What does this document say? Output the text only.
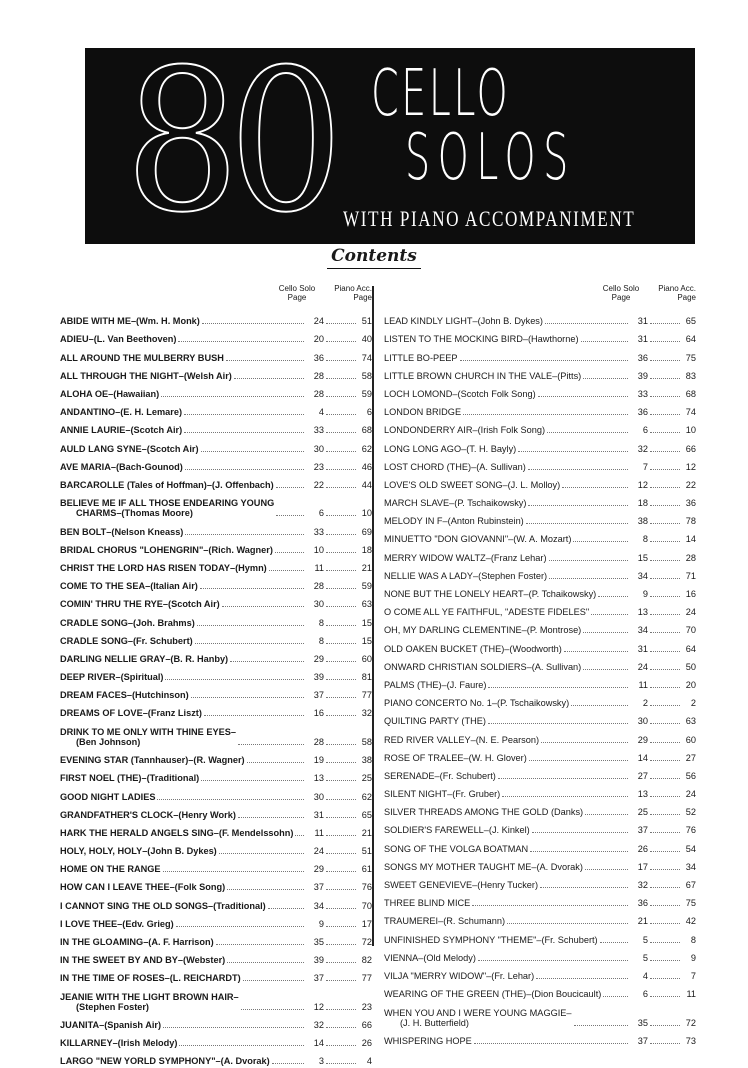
80 CELLO
SOLOS
WITH PIANO ACCOMPANIMENT
Contents
Cello Solo
Page
Piano Acc.
Page
ABIDE WITH ME–(Wm. H. Monk)	24	51
ADIEU–(L. Van Beethoven)	20	40
ALL AROUND THE MULBERRY BUSH	36	74
ALL THROUGH THE NIGHT–(Welsh Air)	28	58
ALOHA OE–(Hawaiian)	28	59
ANDANTINO–(E. H. Lemare)	4	6
ANNIE LAURIE–(Scotch Air)	33	68
AULD LANG SYNE–(Scotch Air)	30	62
AVE MARIA–(Bach-Gounod)	23	46
BARCAROLLE (Tales of Hoffman)–(J. Offenbach)	22	44
BELIEVE ME IF ALL THOSE ENDEARING YOUNG
CHARMS–(Thomas Moore)	6	10
BEN BOLT–(Nelson Kneass)	33	69
BRIDAL CHORUS "LOHENGRIN"–(Rich. Wagner)	10	18
CHRIST THE LORD HAS RISEN TODAY–(Hymn)	11	21
COME TO THE SEA–(Italian Air)	28	59
COMIN' THRU THE RYE–(Scotch Air)	30	63
CRADLE SONG–(Joh. Brahms)	8	15
CRADLE SONG–(Fr. Schubert)	8	15
DARLING NELLIE GRAY–(B. R. Hanby)	29	60
DEEP RIVER–(Spiritual)	39	81
DREAM FACES–(Hutchinson)	37	77
DREAMS OF LOVE–(Franz Liszt)	16	32
DRINK TO ME ONLY WITH THINE EYES–
(Ben Johnson)	28	58
EVENING STAR (Tannhauser)–(R. Wagner)	19	38
FIRST NOEL (THE)–(Traditional)	13	25
GOOD NIGHT LADIES	30	62
GRANDFATHER'S CLOCK–(Henry Work)	31	65
HARK THE HERALD ANGELS SING–(F. Mendelssohn)	11	21
HOLY, HOLY, HOLY–(John B. Dykes)	24	51
HOME ON THE RANGE	29	61
HOW CAN I LEAVE THEE–(Folk Song)	37	76
I CANNOT SING THE OLD SONGS–(Traditional)	34	70
I LOVE THEE–(Edv. Grieg)	9	17
IN THE GLOAMING–(A. F. Harrison)	35	72
IN THE SWEET BY AND BY–(Webster)	39	82
IN THE TIME OF ROSES–(L. REICHARDT)	37	77
JEANIE WITH THE LIGHT BROWN HAIR–
(Stephen Foster)	12	23
JUANITA–(Spanish Air)	32	66
KILLARNEY–(Irish Melody)	14	26
LARGO "NEW YORLD SYMPHONY"–(A. Dvorak)	3	4
Cello Solo
Page
Piano Acc.
Page
LEAD KINDLY LIGHT–(John B. Dykes)	31	65
LISTEN TO THE MOCKING BIRD–(Hawthorne)	31	64
LITTLE BO-PEEP	36	75
LITTLE BROWN CHURCH IN THE VALE–(Pitts)	39	83
LOCH LOMOND–(Scotch Folk Song)	33	68
LONDON BRIDGE	36	74
LONDONDERRY AIR–(Irish Folk Song)	6	10
LONG LONG AGO–(T. H. Bayly)	32	66
LOST CHORD (THE)–(A. Sullivan)	7	12
LOVE'S OLD SWEET SONG–(J. L. Molloy)	12	22
MARCH SLAVE–(P. Tschaikowsky)	18	36
MELODY IN F–(Anton Rubinstein)	38	78
MINUETTO "DON GIOVANNI"–(W. A. Mozart)	8	14
MERRY WIDOW WALTZ–(Franz Lehar)	15	28
NELLIE WAS A LADY–(Stephen Foster)	34	71
NONE BUT THE LONELY HEART–(P. Tchaikowsky)	9	16
O COME ALL YE FAITHFUL, "ADESTE FIDELES"	13	24
OH, MY DARLING CLEMENTINE–(P. Montrose)	34	70
OLD OAKEN BUCKET (THE)–(Woodworth)	31	64
ONWARD CHRISTIAN SOLDIERS–(A. Sullivan)	24	50
PALMS (THE)–(J. Faure)	11	20
PIANO CONCERTO No. 1–(P. Tschaikowsky)	2	2
QUILTING PARTY (THE)	30	63
RED RIVER VALLEY–(N. E. Pearson)	29	60
ROSE OF TRALEE–(W. H. Glover)	14	27
SERENADE–(Fr. Schubert)	27	56
SILENT NIGHT–(Fr. Gruber)	13	24
SILVER THREADS AMONG THE GOLD (Danks)	25	52
SOLDIER'S FAREWELL–(J. Kinkel)	37	76
SONG OF THE VOLGA BOATMAN	26	54
SONGS MY MOTHER TAUGHT ME–(A. Dvorak)	17	34
SWEET GENEVIEVE–(Henry Tucker)	32	67
THREE BLIND MICE	36	75
TRAUMEREI–(R. Schumann)	21	42
UNFINISHED SYMPHONY "THEME"–(Fr. Schubert)	5	8
VIENNA–(Old Melody)	5	9
VILJA "MERRY WIDOW"–(Fr. Lehar)	4	7
WEARING OF THE GREEN (THE)–(Dion Boucicault)	6	11
WHEN YOU AND I WERE YOUNG MAGGIE–
(J. H. Butterfield)	35	72
WHISPERING HOPE	37	73
